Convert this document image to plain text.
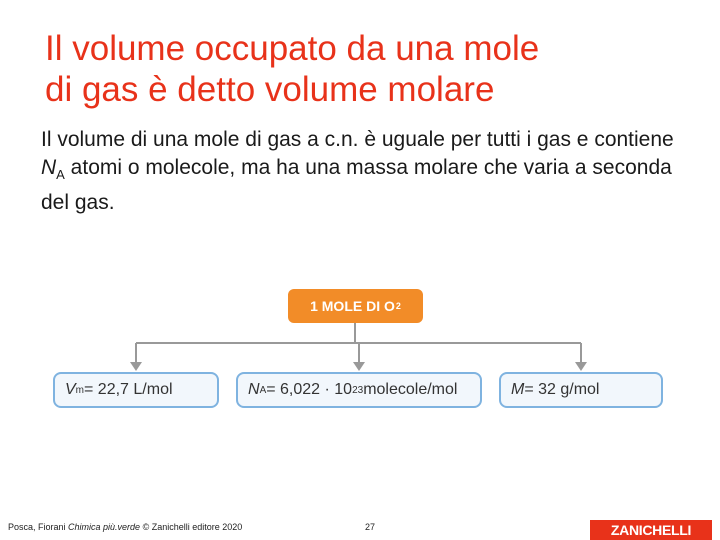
Il volume occupato da una mole
di gas è detto volume molare
Il volume di una mole di gas a c.n. è uguale per tutti i gas e contiene $N_A$ atomi o molecole, ma ha una massa molare che varia a seconda del gas.
1 MOLE DI O 2
V m = 22,7 L/mol	N A = 6,022 · 10 23 molecole/mol	M = 32 g/mol
Posca, Fiorani Chimica più.verde © Zanichelli editore 2020	27	ZANICHELLI
